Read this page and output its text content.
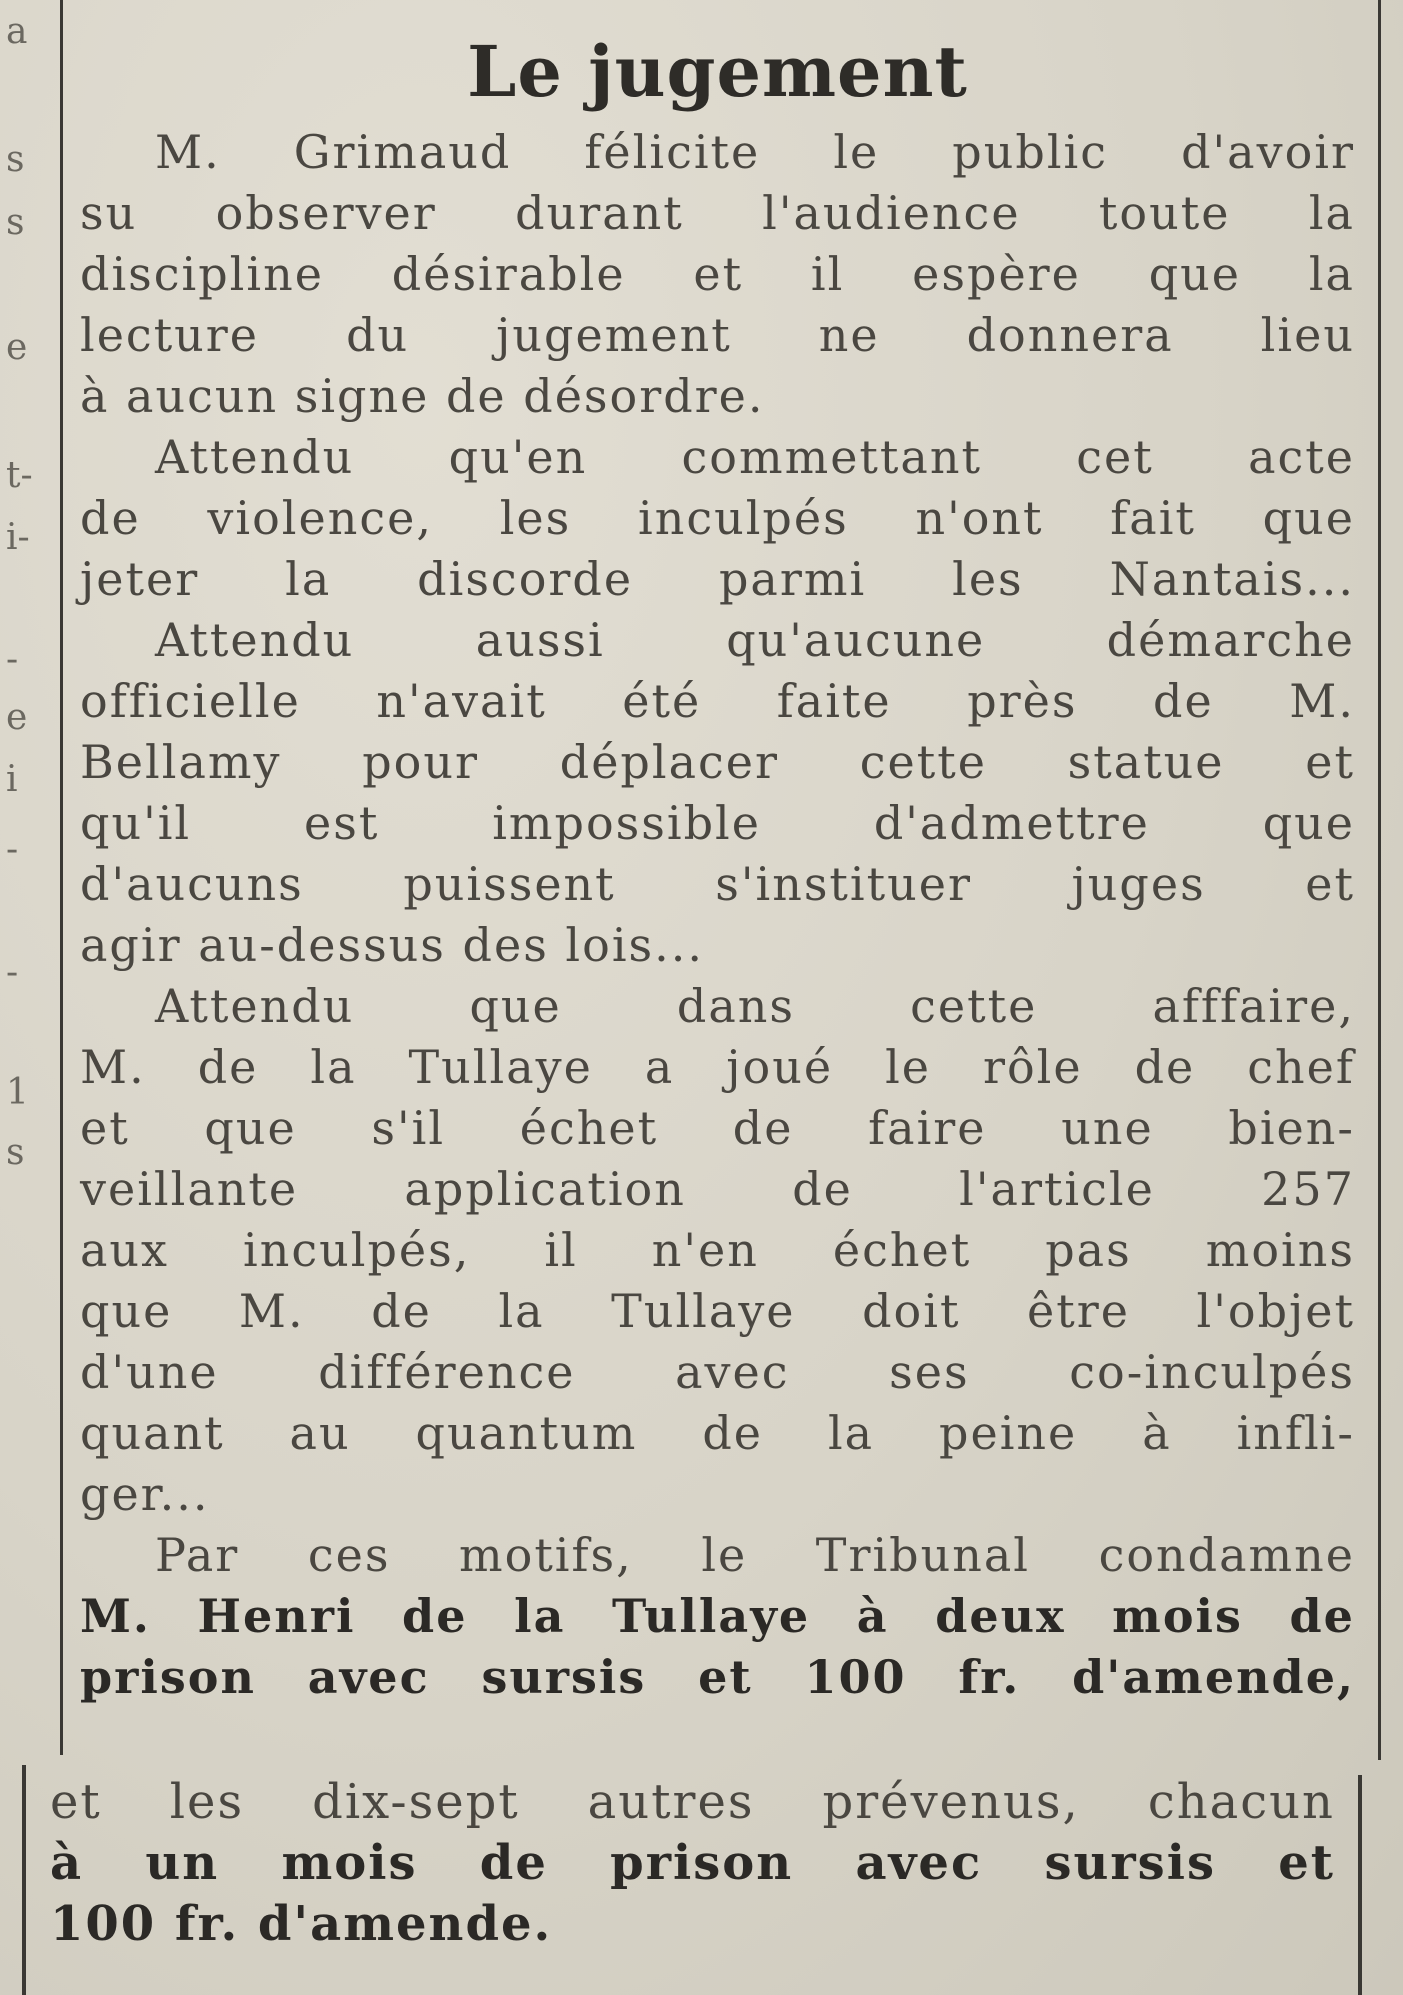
a
s
s
e
t-
i-
-
e
i
-
-
1
s
Le jugement
M. Grimaud félicite le public d'avoir
su observer durant l'audience toute la
discipline désirable et il espère que la
lecture du jugement ne donnera lieu
à aucun signe de désordre.
Attendu qu'en commettant cet acte
de violence, les inculpés n'ont fait que
jeter la discorde parmi les Nantais...
Attendu	aussi	qu'aucune	démarche
officielle n'avait été faite près de M.
Bellamy pour déplacer cette statue et
qu'il est impossible d'admettre que
d'aucuns puissent s'instituer juges et
agir au-dessus des lois...
Attendu	que	dans	cette	afffaire,
M. de la Tullaye a joué le rôle de chef
et que s'il échet de faire une bien-
veillante application de l'article 257
aux inculpés, il n'en échet pas moins
que M. de la Tullaye doit être l'objet
d'une différence avec ses co-inculpés
quant au quantum de la peine à infli-
ger...
Par ces motifs, le Tribunal condamne
M. Henri de la Tullaye à deux mois de
prison avec sursis et 100 fr. d'amende,
et les dix-sept autres prévenus, chacun
à un mois de prison avec sursis et
100 fr. d'amende.
